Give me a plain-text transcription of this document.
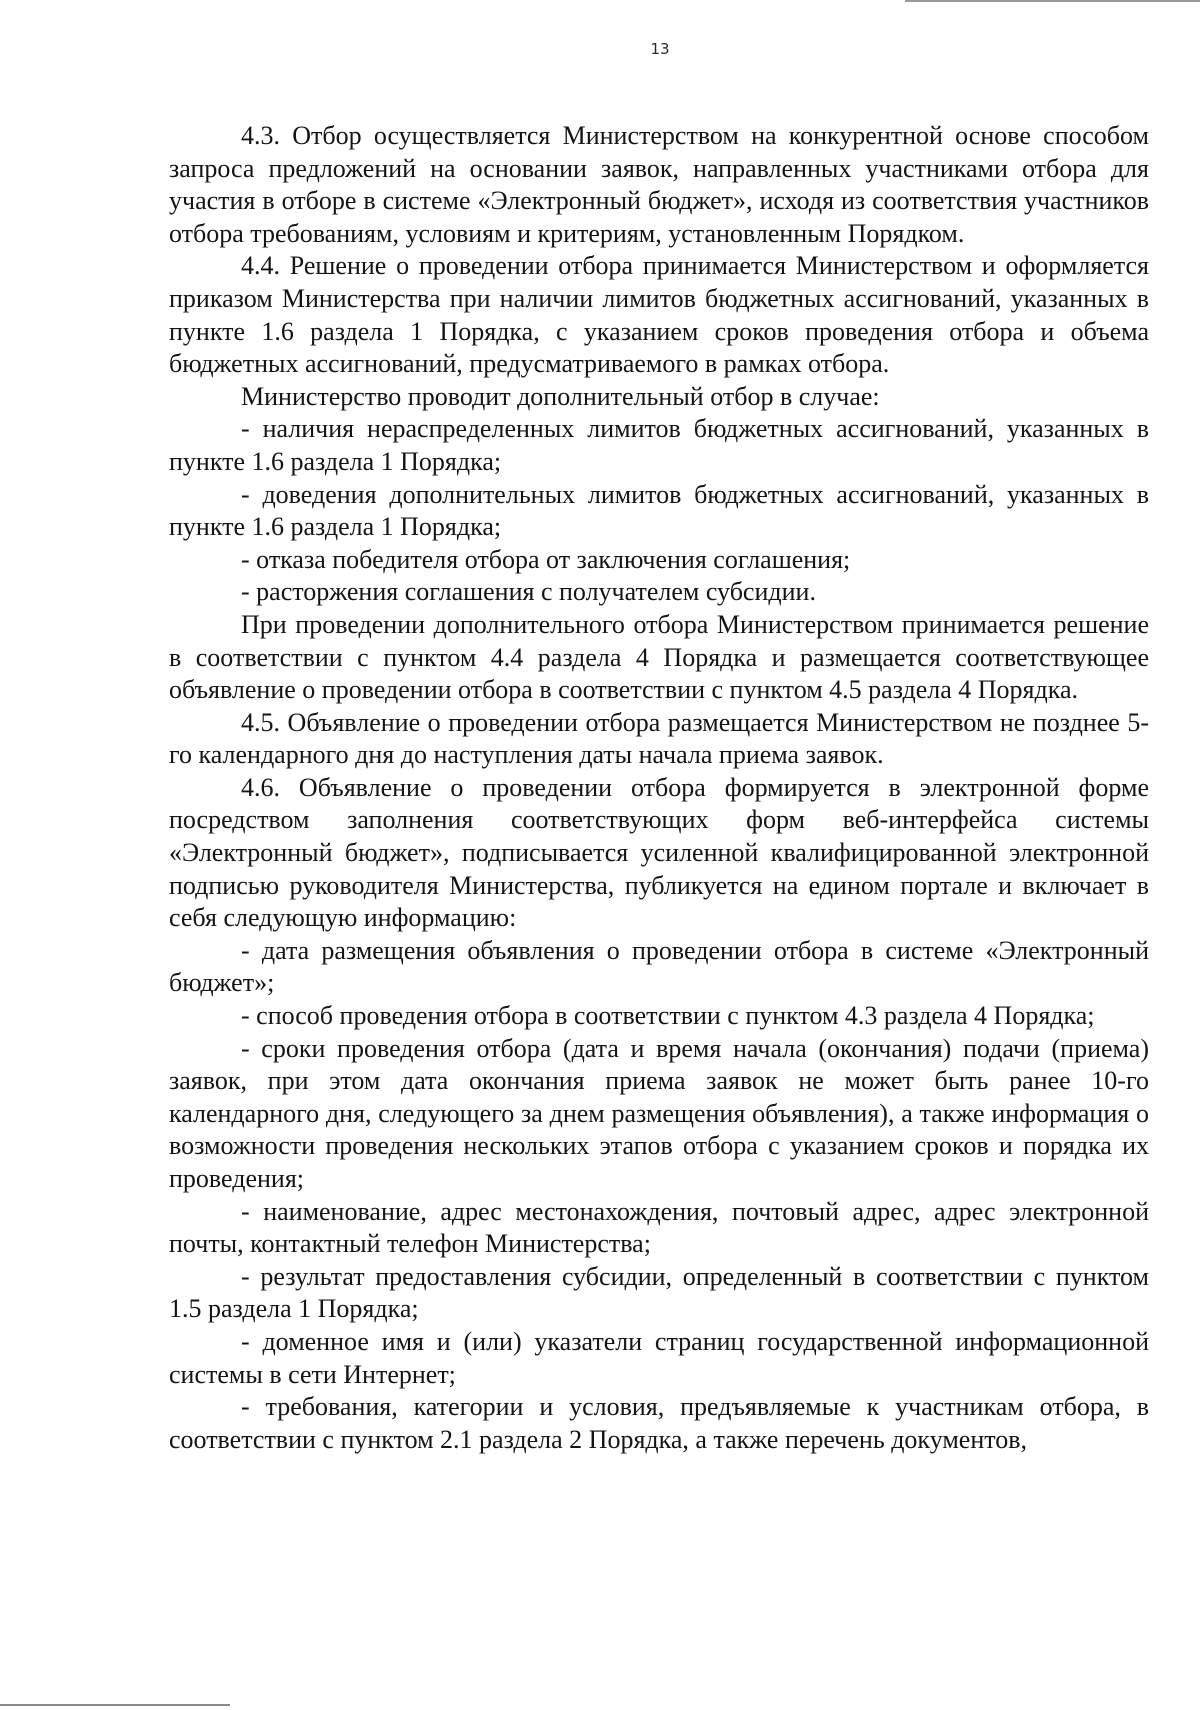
13

4.3. Отбор осуществляется Министерством на конкурентной основе способом запроса предложений на основании заявок, направленных участниками отбора для участия в отборе в системе «Электронный бюджет», исходя из соответствия участников отбора требованиям, условиям и критериям, установленным Порядком.

4.4. Решение о проведении отбора принимается Министерством и оформляется приказом Министерства при наличии лимитов бюджетных ассигнований, указанных в пункте 1.6 раздела 1 Порядка, с указанием сроков проведения отбора и объема бюджетных ассигнований, предусматриваемого в рамках отбора.

Министерство проводит дополнительный отбор в случае:

- наличия нераспределенных лимитов бюджетных ассигнований, указанных в пункте 1.6 раздела 1 Порядка;

- доведения дополнительных лимитов бюджетных ассигнований, указанных в пункте 1.6 раздела 1 Порядка;

- отказа победителя отбора от заключения соглашения;

- расторжения соглашения с получателем субсидии.

При проведении дополнительного отбора Министерством принимается решение в соответствии с пунктом 4.4 раздела 4 Порядка и размещается соответствующее объявление о проведении отбора в соответствии с пунктом 4.5 раздела 4 Порядка.

4.5. Объявление о проведении отбора размещается Министерством не позднее 5-го календарного дня до наступления даты начала приема заявок.

4.6. Объявление о проведении отбора формируется в электронной форме посредством заполнения соответствующих форм веб-интерфейса системы «Электронный бюджет», подписывается усиленной квалифицированной электронной подписью руководителя Министерства, публикуется на едином портале и включает в себя следующую информацию:

- дата размещения объявления о проведении отбора в системе «Электронный бюджет»;

- способ проведения отбора в соответствии с пунктом 4.3 раздела 4 Порядка;

- сроки проведения отбора (дата и время начала (окончания) подачи (приема) заявок, при этом дата окончания приема заявок не может быть ранее 10-го календарного дня, следующего за днем размещения объявления), а также информация о возможности проведения нескольких этапов отбора с указанием сроков и порядка их проведения;

- наименование, адрес местонахождения, почтовый адрес, адрес электронной почты, контактный телефон Министерства;

- результат предоставления субсидии, определенный в соответствии с пунктом 1.5 раздела 1 Порядка;

- доменное имя и (или) указатели страниц государственной информационной системы в сети Интернет;

- требования, категории и условия, предъявляемые к участникам отбора, в соответствии с пунктом 2.1 раздела 2 Порядка, а также перечень документов,
